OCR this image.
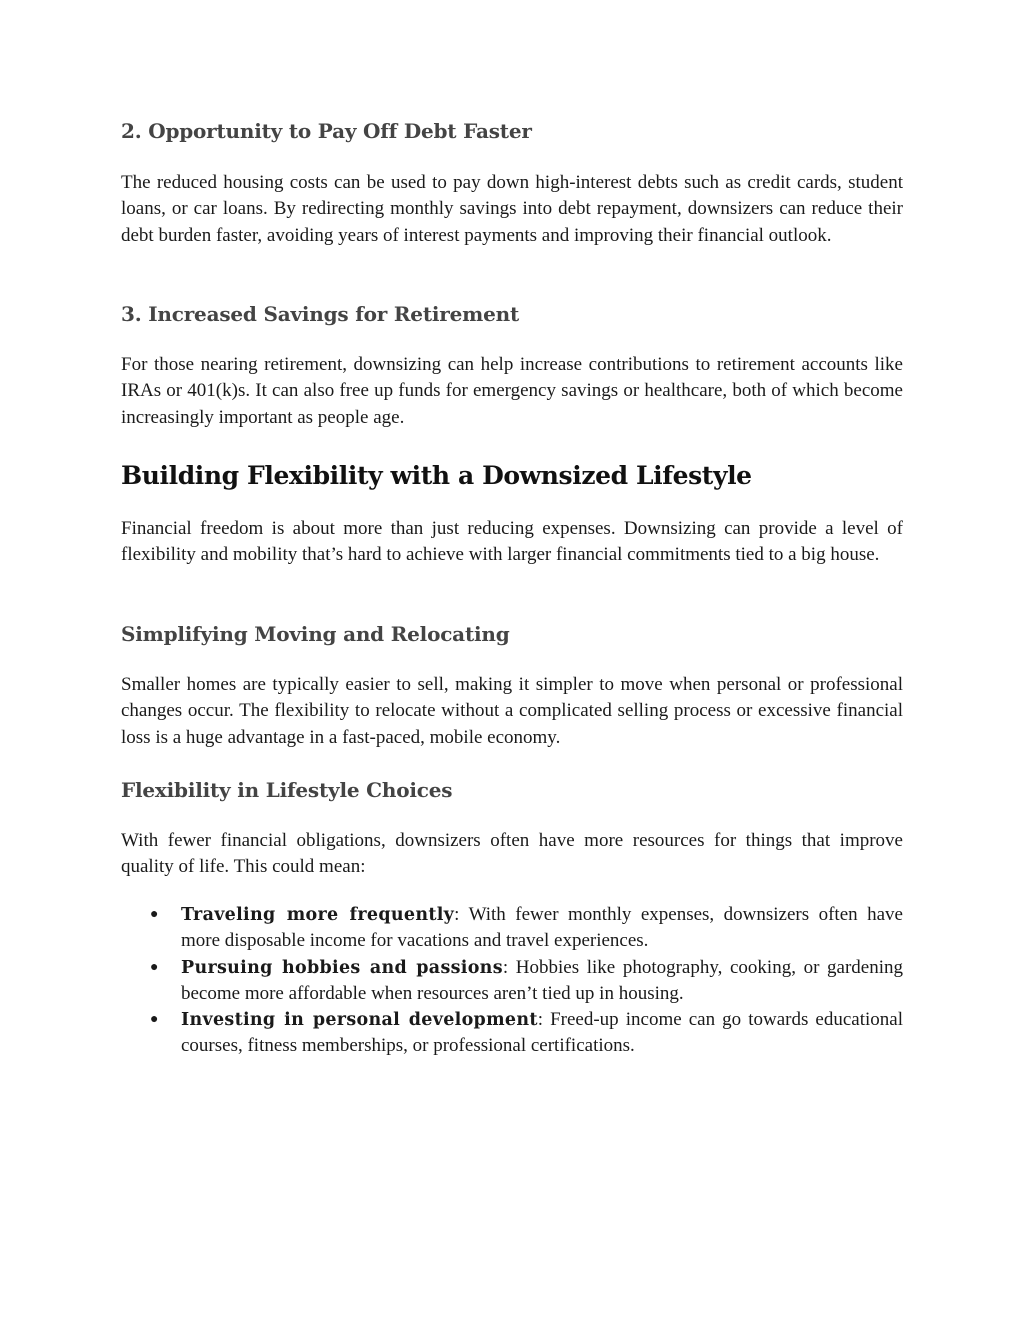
2. Opportunity to Pay Off Debt Faster

The reduced housing costs can be used to pay down high-interest debts such as credit cards, student loans, or car loans. By redirecting monthly savings into debt repayment, downsizers can reduce their debt burden faster, avoiding years of interest payments and improving their financial outlook.

3. Increased Savings for Retirement

For those nearing retirement, downsizing can help increase contributions to retirement accounts like IRAs or 401(k)s. It can also free up funds for emergency savings or healthcare, both of which become increasingly important as people age.

Building Flexibility with a Downsized Lifestyle

Financial freedom is about more than just reducing expenses. Downsizing can provide a level of flexibility and mobility that’s hard to achieve with larger financial commitments tied to a big house.

Simplifying Moving and Relocating

Smaller homes are typically easier to sell, making it simpler to move when personal or professional changes occur. The flexibility to relocate without a complicated selling process or excessive financial loss is a huge advantage in a fast-paced, mobile economy.

Flexibility in Lifestyle Choices

With fewer financial obligations, downsizers often have more resources for things that improve quality of life. This could mean:

● Traveling more frequently: With fewer monthly expenses, downsizers often have more disposable income for vacations and travel experiences.
● Pursuing hobbies and passions: Hobbies like photography, cooking, or gardening become more affordable when resources aren’t tied up in housing.
● Investing in personal development: Freed-up income can go towards educational courses, fitness memberships, or professional certifications.
